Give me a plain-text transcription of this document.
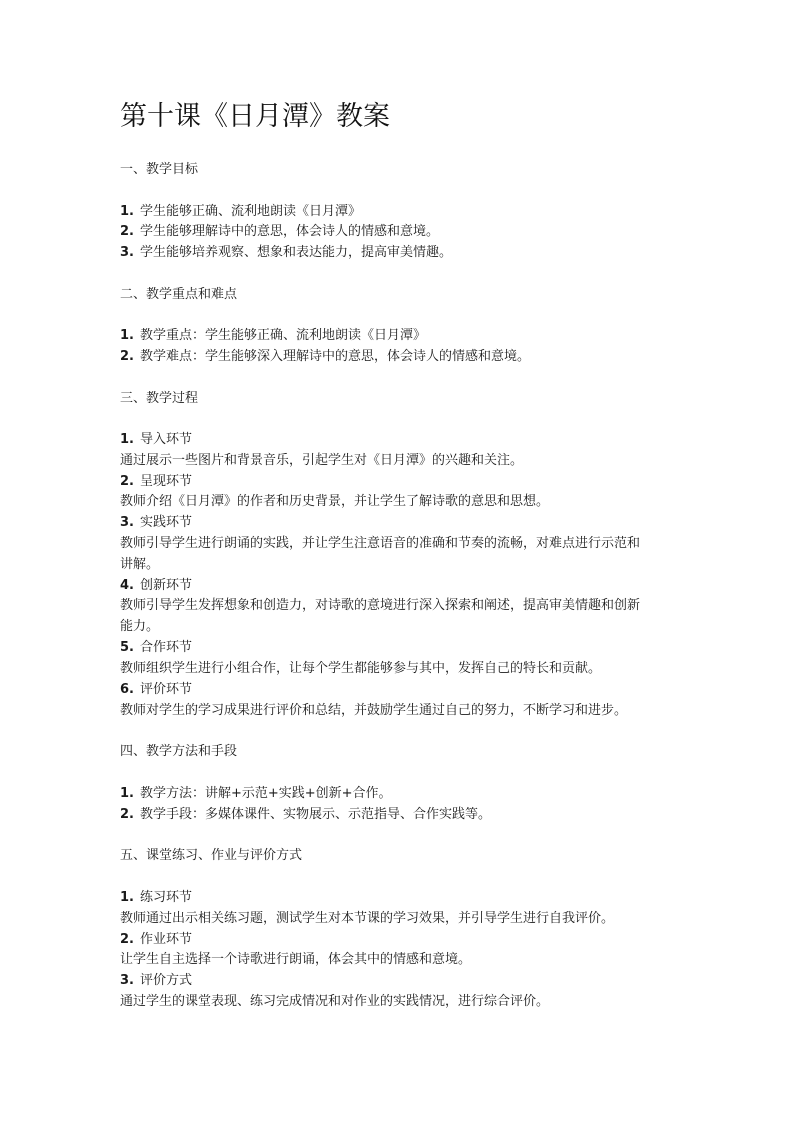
第十课《日月潭》教案
一、教学目标
1. 学生能够正确、流利地朗读《日月潭》
2. 学生能够理解诗中的意思，体会诗人的情感和意境。
3. 学生能够培养观察、想象和表达能力，提高审美情趣。
二、教学重点和难点
1. 教学重点：学生能够正确、流利地朗读《日月潭》
2. 教学难点：学生能够深入理解诗中的意思，体会诗人的情感和意境。
三、教学过程
1. 导入环节
通过展示一些图片和背景音乐，引起学生对《日月潭》的兴趣和关注。
2. 呈现环节
教师介绍《日月潭》的作者和历史背景，并让学生了解诗歌的意思和思想。
3. 实践环节
教师引导学生进行朗诵的实践，并让学生注意语音的准确和节奏的流畅，对难点进行示范和
讲解。
4. 创新环节
教师引导学生发挥想象和创造力，对诗歌的意境进行深入探索和阐述，提高审美情趣和创新
能力。
5. 合作环节
教师组织学生进行小组合作，让每个学生都能够参与其中，发挥自己的特长和贡献。
6. 评价环节
教师对学生的学习成果进行评价和总结，并鼓励学生通过自己的努力，不断学习和进步。
四、教学方法和手段
1. 教学方法：讲解+示范+实践+创新+合作。
2. 教学手段：多媒体课件、实物展示、示范指导、合作实践等。
五、课堂练习、作业与评价方式
1. 练习环节
教师通过出示相关练习题，测试学生对本节课的学习效果，并引导学生进行自我评价。
2. 作业环节
让学生自主选择一个诗歌进行朗诵，体会其中的情感和意境。
3. 评价方式
通过学生的课堂表现、练习完成情况和对作业的实践情况，进行综合评价。
